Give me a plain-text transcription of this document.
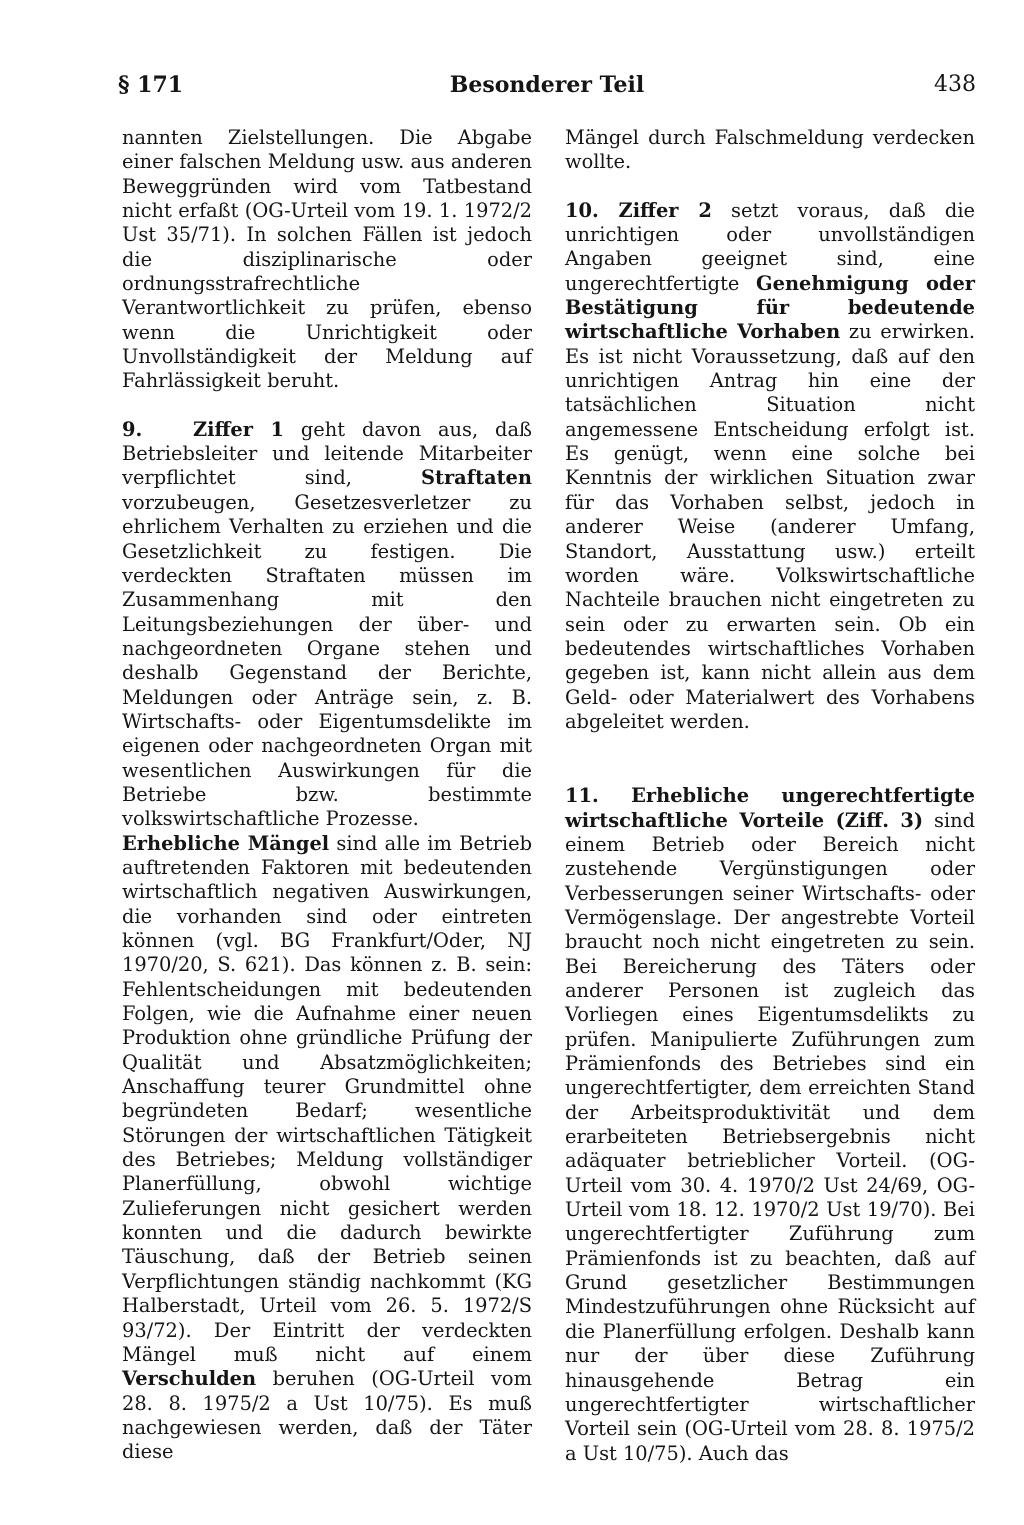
§ 171	Besonderer Teil	438

nannten Zielstellungen. Die Abgabe einer falschen Meldung usw. aus anderen Beweggründen wird vom Tatbestand nicht erfaßt (OG-Urteil vom 19. 1. 1972/2 Ust 35/71). In solchen Fällen ist jedoch die disziplinarische oder ordnungsstrafrechtliche Verantwortlichkeit zu prüfen, ebenso wenn die Unrichtigkeit oder Unvollständigkeit der Meldung auf Fahrlässigkeit beruht.

9.	Ziffer 1 geht davon aus, daß Betriebsleiter und leitende Mitarbeiter verpflichtet sind, Straftaten vorzubeugen, Gesetzesverletzer zu ehrlichem Verhalten zu erziehen und die Gesetzlichkeit zu festigen. Die verdeckten Straftaten müssen im Zusammenhang mit den Leitungsbeziehungen der über- und nachgeordneten Organe stehen und deshalb Gegenstand der Berichte, Meldungen oder Anträge sein, z. B. Wirtschafts- oder Eigentumsdelikte im eigenen oder nachgeordneten Organ mit wesentlichen Auswirkungen für die Betriebe bzw. bestimmte volkswirtschaftliche Prozesse.

Erhebliche Mängel sind alle im Betrieb auftretenden Faktoren mit bedeutenden wirtschaftlich negativen Auswirkungen, die vorhanden sind oder eintreten können (vgl. BG Frankfurt/Oder, NJ 1970/20, S. 621). Das können z. B. sein: Fehlentscheidungen mit bedeutenden Folgen, wie die Aufnahme einer neuen Produktion ohne gründliche Prüfung der Qualität und Absatzmöglichkeiten; Anschaffung teurer Grundmittel ohne begründeten Bedarf; wesentliche Störungen der wirtschaftlichen Tätigkeit des Betriebes; Meldung vollständiger Planerfüllung, obwohl wichtige Zulieferungen nicht gesichert werden konnten und die dadurch bewirkte Täuschung, daß der Betrieb seinen Verpflichtungen ständig nachkommt (KG Halberstadt, Urteil vom 26. 5. 1972/S 93/72). Der Eintritt der verdeckten Mängel muß nicht auf einem Verschulden beruhen (OG-Urteil vom 28. 8. 1975/2 a Ust 10/75). Es muß nachgewiesen werden, daß der Täter diese

Mängel durch Falschmeldung verdecken wollte.

10. Ziffer 2 setzt voraus, daß die unrichtigen oder unvollständigen Angaben geeignet sind, eine ungerechtfertigte Genehmigung oder Bestätigung für bedeutende wirtschaftliche Vorhaben zu erwirken. Es ist nicht Voraussetzung, daß auf den unrichtigen Antrag hin eine der tatsächlichen Situation nicht angemessene Entscheidung erfolgt ist. Es genügt, wenn eine solche bei Kenntnis der wirklichen Situation zwar für das Vorhaben selbst, jedoch in anderer Weise (anderer Umfang, Standort, Ausstattung usw.) erteilt worden wäre. Volkswirtschaftliche Nachteile brauchen nicht eingetreten zu sein oder zu erwarten sein. Ob ein bedeutendes wirtschaftliches Vorhaben gegeben ist, kann nicht allein aus dem Geld- oder Materialwert des Vorhabens abgeleitet werden.

11. Erhebliche ungerechtfertigte wirtschaftliche Vorteile (Ziff. 3) sind einem Betrieb oder Bereich nicht zustehende Vergünstigungen oder Verbesserungen seiner Wirtschafts- oder Vermögenslage. Der angestrebte Vorteil braucht noch nicht eingetreten zu sein. Bei Bereicherung des Täters oder anderer Personen ist zugleich das Vorliegen eines Eigentumsdelikts zu prüfen. Manipulierte Zuführungen zum Prämienfonds des Betriebes sind ein ungerechtfertigter, dem erreichten Stand der Arbeitsproduktivität und dem erarbeiteten Betriebsergebnis nicht adäquater betrieblicher Vorteil. (OG-Urteil vom 30. 4. 1970/2 Ust 24/69, OG-Urteil vom 18. 12. 1970/2 Ust 19/70). Bei ungerechtfertigter Zuführung zum Prämienfonds ist zu beachten, daß auf Grund gesetzlicher Bestimmungen Mindestzuführungen ohne Rücksicht auf die Planerfüllung erfolgen. Deshalb kann nur der über diese Zuführung hinausgehende Betrag ein ungerechtfertigter wirtschaftlicher Vorteil sein (OG-Urteil vom 28. 8. 1975/2 a Ust 10/75). Auch das
